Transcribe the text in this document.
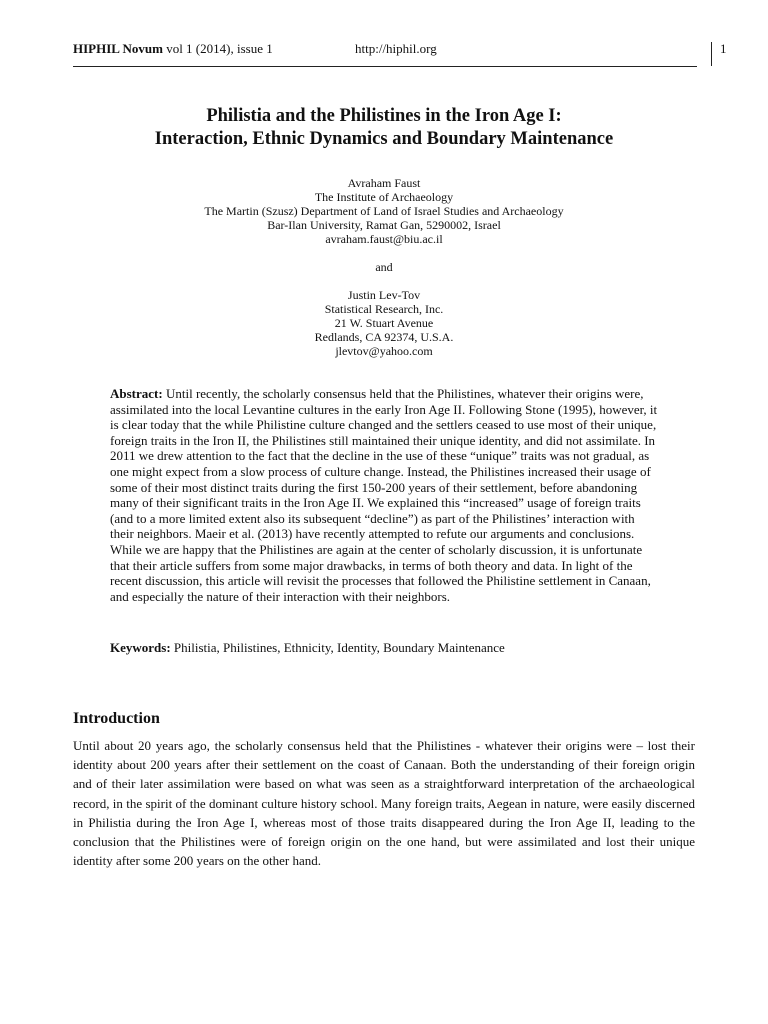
HIPHIL Novum vol 1 (2014), issue 1	http://hiphil.org	1
Philistia and the Philistines in the Iron Age I:
Interaction, Ethnic Dynamics and Boundary Maintenance
Avraham Faust
The Institute of Archaeology
The Martin (Szusz) Department of Land of Israel Studies and Archaeology
Bar-Ilan University, Ramat Gan, 5290002, Israel
avraham.faust@biu.ac.il
and
Justin Lev-Tov
Statistical Research, Inc.
21 W. Stuart Avenue
Redlands, CA 92374, U.S.A.
jlevtov@yahoo.com

Abstract: Until recently, the scholarly consensus held that the Philistines, whatever their origins were, assimilated into the local Levantine cultures in the early Iron Age II. Following Stone (1995), however, it is clear today that the while Philistine culture changed and the settlers ceased to use most of their unique, foreign traits in the Iron II, the Philistines still maintained their unique identity, and did not assimilate. In 2011 we drew attention to the fact that the decline in the use of these “unique” traits was not gradual, as one might expect from a slow process of culture change. Instead, the Philistines increased their usage of some of their most distinct traits during the first 150-200 years of their settlement, before abandoning many of their significant traits in the Iron Age II. We explained this “increased” usage of foreign traits (and to a more limited extent also its subsequent “decline”) as part of the Philistines’ interaction with their neighbors. Maeir et al. (2013) have recently attempted to refute our arguments and conclusions. While we are happy that the Philistines are again at the center of scholarly discussion, it is unfortunate that their article suffers from some major drawbacks, in terms of both theory and data. In light of the recent discussion, this article will revisit the processes that followed the Philistine settlement in Canaan, and especially the nature of their interaction with their neighbors.

Keywords: Philistia, Philistines, Ethnicity, Identity, Boundary Maintenance

Introduction

Until about 20 years ago, the scholarly consensus held that the Philistines - whatever their origins were – lost their identity about 200 years after their settlement on the coast of Canaan. Both the understanding of their foreign origin and of their later assimilation were based on what was seen as a straightforward interpretation of the archaeological record, in the spirit of the dominant culture history school. Many foreign traits, Aegean in nature, were easily discerned in Philistia during the Iron Age I, whereas most of those traits disappeared during the Iron Age II, leading to the conclusion that the Philistines were of foreign origin on the one hand, but were assimilated and lost their unique identity after some 200 years on the other hand.
